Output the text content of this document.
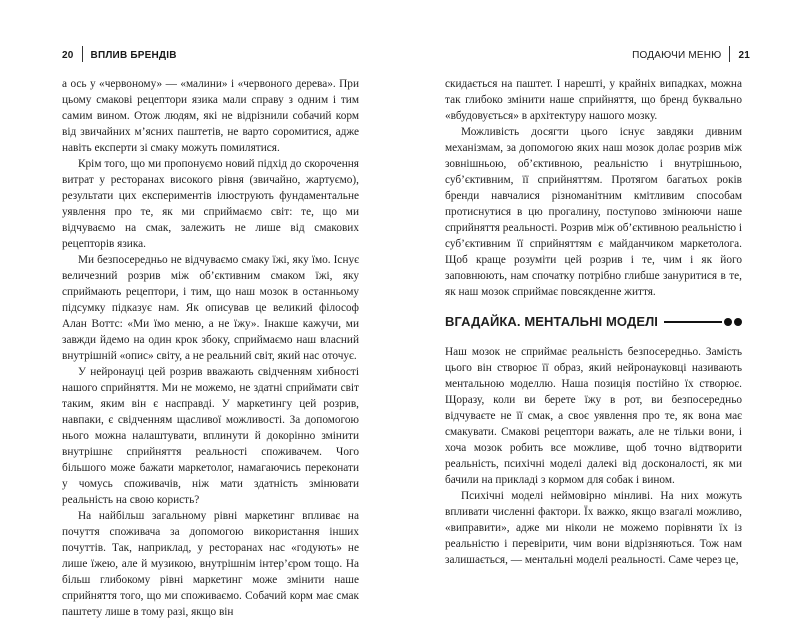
20 ВПЛИВ БРЕНДІВ	ПОДАЮЧИ МЕНЮ 21

а ось у «червоному» — «малини» і «червоного дерева». При цьому смакові рецептори язика мали справу з одним і тим самим вином. Отож людям, які не відрізнили собачий корм від звичайних м’ясних паштетів, не варто соромитися, адже навіть експерти зі смаку можуть помилятися.

Крім того, що ми пропонуємо новий підхід до скорочення витрат у ресторанах високого рівня (звичайно, жартуємо), результати цих експериментів ілюструють фундаментальне уявлення про те, як ми сприймаємо світ: те, що ми відчуваємо на смак, залежить не лише від смакових рецепторів язика.

Ми безпосередньо не відчуваємо смаку їжі, яку їмо. Існує величезний розрив між об’єктивним смаком їжі, яку сприймають рецептори, і тим, що наш мозок в останньому підсумку підказує нам. Як описував це великий філософ Алан Воттс: «Ми їмо меню, а не їжу». Інакше кажучи, ми завжди йдемо на один крок збоку, сприймаємо наш власний внутрішній «опис» світу, а не реальний світ, який нас оточує.

У нейронауці цей розрив вважають свідченням хибності нашого сприйняття. Ми не можемо, не здатні сприймати світ таким, яким він є насправді. У маркетингу цей розрив, навпаки, є свідченням щасливої можливості. За допомогою нього можна налаштувати, вплинути й докорінно змінити внутрішнє сприйняття реальності споживачем. Чого більшого може бажати маркетолог, намагаючись переконати у чомусь споживачів, ніж мати здатність змінювати реальність на свою користь?

На найбільш загальному рівні маркетинг впливає на почуття споживача за допомогою використання інших почуттів. Так, наприклад, у ресторанах нас «годують» не лише їжею, але й музикою, внутрішнім інтер’єром тощо. На більш глибокому рівні маркетинг може змінити наше сприйняття того, що ми споживаємо. Собачий корм має смак паштету лише в тому разі, якщо він

скидається на паштет. І нарешті, у крайніх випадках, можна так глибоко змінити наше сприйняття, що бренд буквально «вбудовується» в архітектуру нашого мозку.

Можливість досягти цього існує завдяки дивним механізмам, за допомогою яких наш мозок долає розрив між зовнішньою, об’єктивною, реальністю і внутрішньою, суб’єктивним, її сприйняттям. Протягом багатьох років бренди навчалися різноманітним кмітливим способам протиснутися в цю прогалину, поступово змінюючи наше сприйняття реальності. Розрив між об’єктивною реальністю і суб’єктивним її сприйняттям є майданчиком маркетолога. Щоб краще розуміти цей розрив і те, чим і як його заповнюють, нам спочатку потрібно глибше зануритися в те, як наш мозок сприймає повсякденне життя.

ВГАДАЙКА. МЕНТАЛЬНІ МОДЕЛІ

Наш мозок не сприймає реальність безпосередньо. Замість цього він створює її образ, який нейронауковці називають ментальною моделлю. Наша позиція постійно їх створює. Щоразу, коли ви берете їжу в рот, ви безпосередньо відчуваєте не її смак, а своє уявлення про те, як вона має смакувати. Смакові рецептори важать, але не тільки вони, і хоча мозок робить все можливе, щоб точно відтворити реальність, психічні моделі далекі від досконалості, як ми бачили на прикладі з кормом для собак і вином.

Психічні моделі неймовірно мінливі. На них можуть впливати численні фактори. Їх важко, якщо взагалі можливо, «виправити», адже ми ніколи не можемо порівняти їх із реальністю і перевірити, чим вони відрізняються. Тож нам залишається, — ментальні моделі реальності. Саме через це,
